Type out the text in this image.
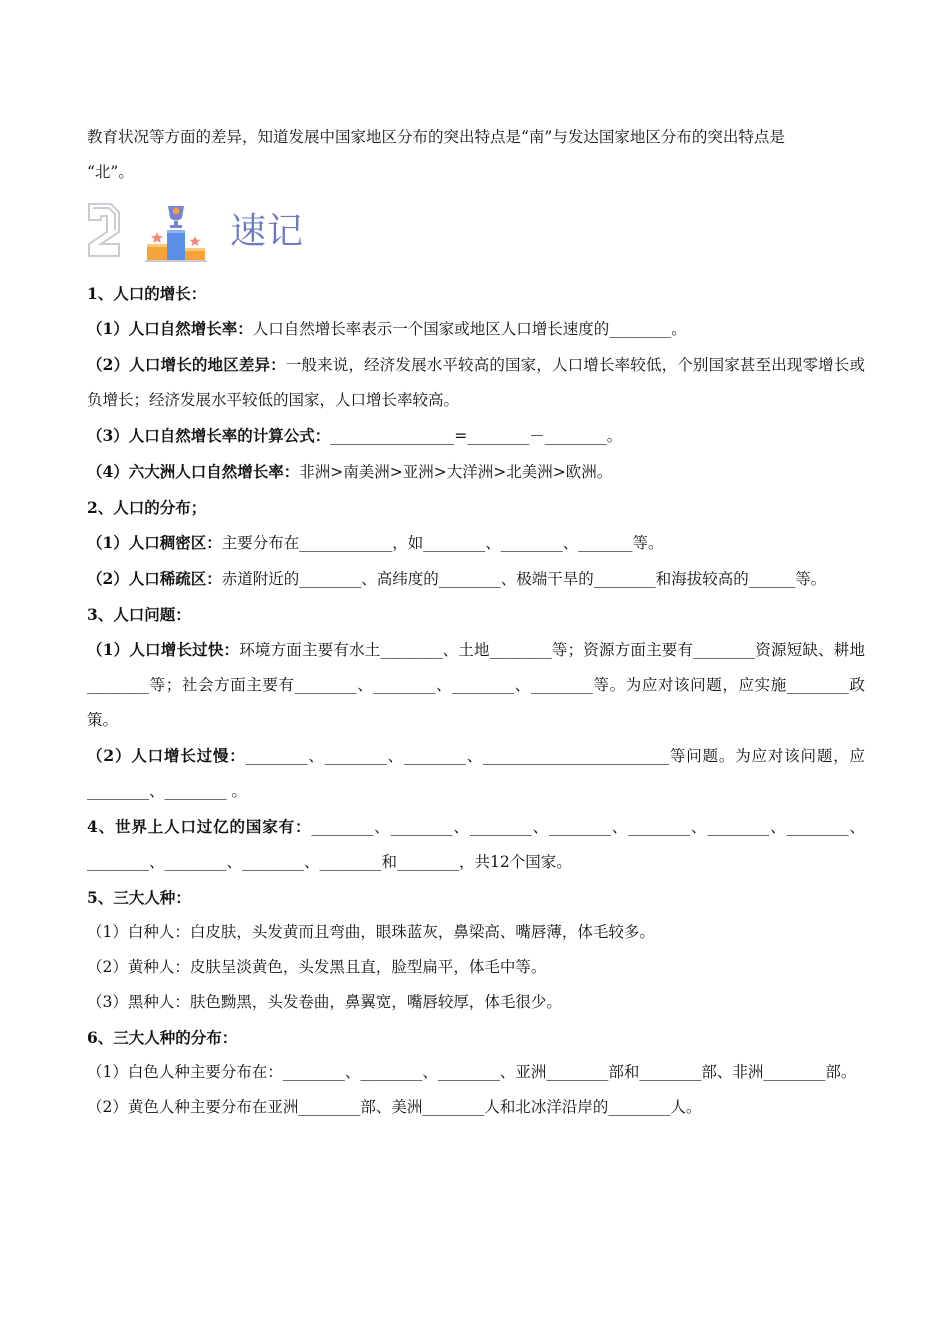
教育状况等方面的差异，知道发展中国家地区分布的突出特点是“南”与发达国家地区分布的突出特点是
“北”。

速记

1、人口的增长：

（1）人口自然增长率：人口自然增长率表示一个国家或地区人口增长速度的________。

（2）人口增长的地区差异：一般来说，经济发展水平较高的国家，人口增长率较低，个别国家甚至出现零增长或负增长；经济发展水平较低的国家，人口增长率较高。

（3）人口自然增长率的计算公式：________________=________－________。

（4）六大洲人口自然增长率：非洲>南美洲>亚洲>大洋洲>北美洲>欧洲。

2、人口的分布；

（1）人口稠密区：主要分布在____________，如________、________、_______等。

（2）人口稀疏区：赤道附近的________、高纬度的________、极端干旱的________和海拔较高的______等。

3、人口问题：

（1）人口增长过快：环境方面主要有水土________、土地________等；资源方面主要有________资源短缺、耕地________等；社会方面主要有________、________、________、________等。为应对该问题，应实施________政策。

（2）人口增长过慢：________、________、________、________________________等问题。为应对该问题，应________、________ 。

4、世界上人口过亿的国家有：________、________、________、________、________、________、________、________、________、________、________和________，共12个国家。

5、三大人种：

（1）白种人：白皮肤，头发黄而且弯曲，眼珠蓝灰，鼻梁高、嘴唇薄，体毛较多。

（2）黄种人：皮肤呈淡黄色，头发黑且直，脸型扁平，体毛中等。

（3）黑种人：肤色黝黑，头发卷曲，鼻翼宽，嘴唇较厚，体毛很少。

6、三大人种的分布：

（1）白色人种主要分布在：________、________、________、亚洲________部和________部、非洲________部。

（2）黄色人种主要分布在亚洲________部、美洲________人和北冰洋沿岸的________人。
